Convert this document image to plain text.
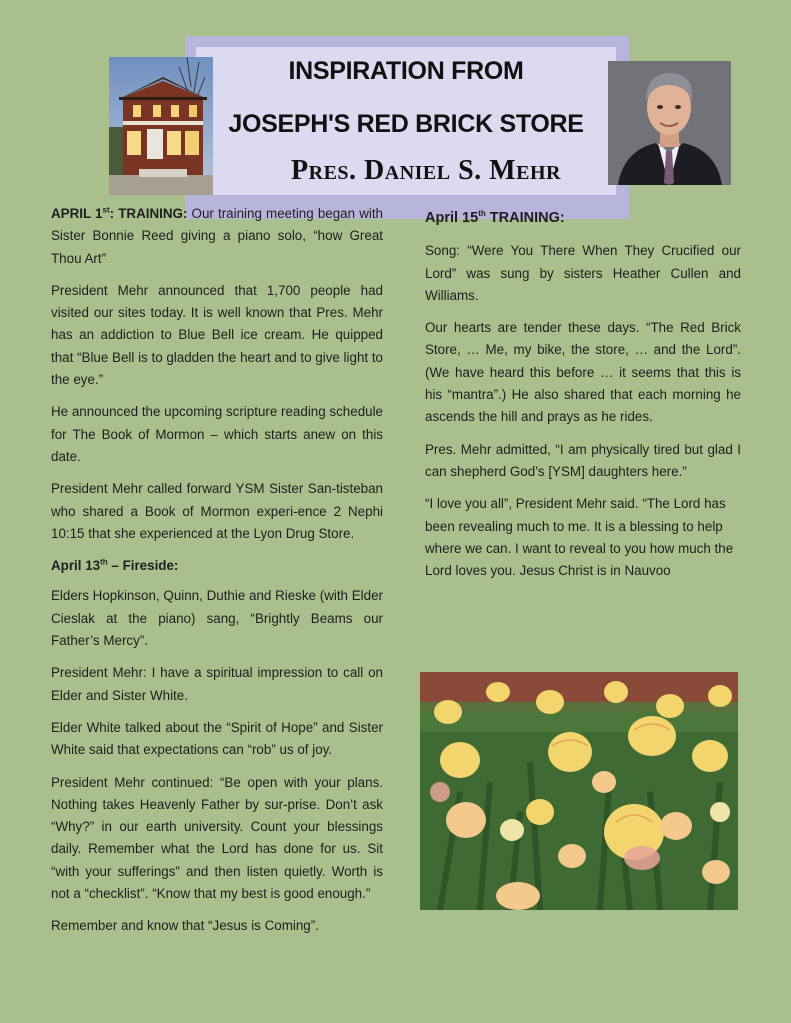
INSPIRATION FROM
JOSEPH'S RED BRICK STORE
Pres. Daniel S. Mehr

APRIL 1st: TRAINING: Our training meeting began with Sister Bonnie Reed giving a piano solo, “how Great Thou Art”

President Mehr announced that 1,700 people had visited our sites today. It is well known that Pres. Mehr has an addiction to Blue Bell ice cream. He quipped that “Blue Bell is to gladden the heart and to give light to the eye.”

He announced the upcoming scripture reading schedule for The Book of Mormon – which starts anew on this date.

President Mehr called forward YSM Sister San-tisteban who shared a Book of Mormon experi-ence 2 Nephi 10:15 that she experienced at the Lyon Drug Store.

April 13th – Fireside:

Elders Hopkinson, Quinn, Duthie and Rieske (with Elder Cieslak at the piano) sang, “Brightly Beams our Father’s Mercy”.

President Mehr: I have a spiritual impression to call on Elder and Sister White.

Elder White talked about the “Spirit of Hope” and Sister White said that expectations can “rob” us of joy.

President Mehr continued: “Be open with your plans. Nothing takes Heavenly Father by sur-prise. Don’t ask “Why?” in our earth university. Count your blessings daily. Remember what the Lord has done for us. Sit “with your sufferings” and then listen quietly. Worth is not a “checklist”. “Know that my best is good enough.”

Remember and know that “Jesus is Coming”.

April 15th TRAINING:

Song: “Were You There When They Crucified our Lord” was sung by sisters Heather Cullen and Williams.

Our hearts are tender these days. “The Red Brick Store, … Me, my bike, the store, … and the Lord”. (We have heard this before … it seems that this is his “mantra”.) He also shared that each morning he ascends the hill and prays as he rides.

Pres. Mehr admitted, “I am physically tired but glad I can shepherd God’s [YSM] daughters here.”

“I love you all”, President Mehr said. “The Lord has been revealing much to me. It is a blessing to help where we can. I want to reveal to you how much the Lord loves you. Jesus Christ is in Nauvoo
